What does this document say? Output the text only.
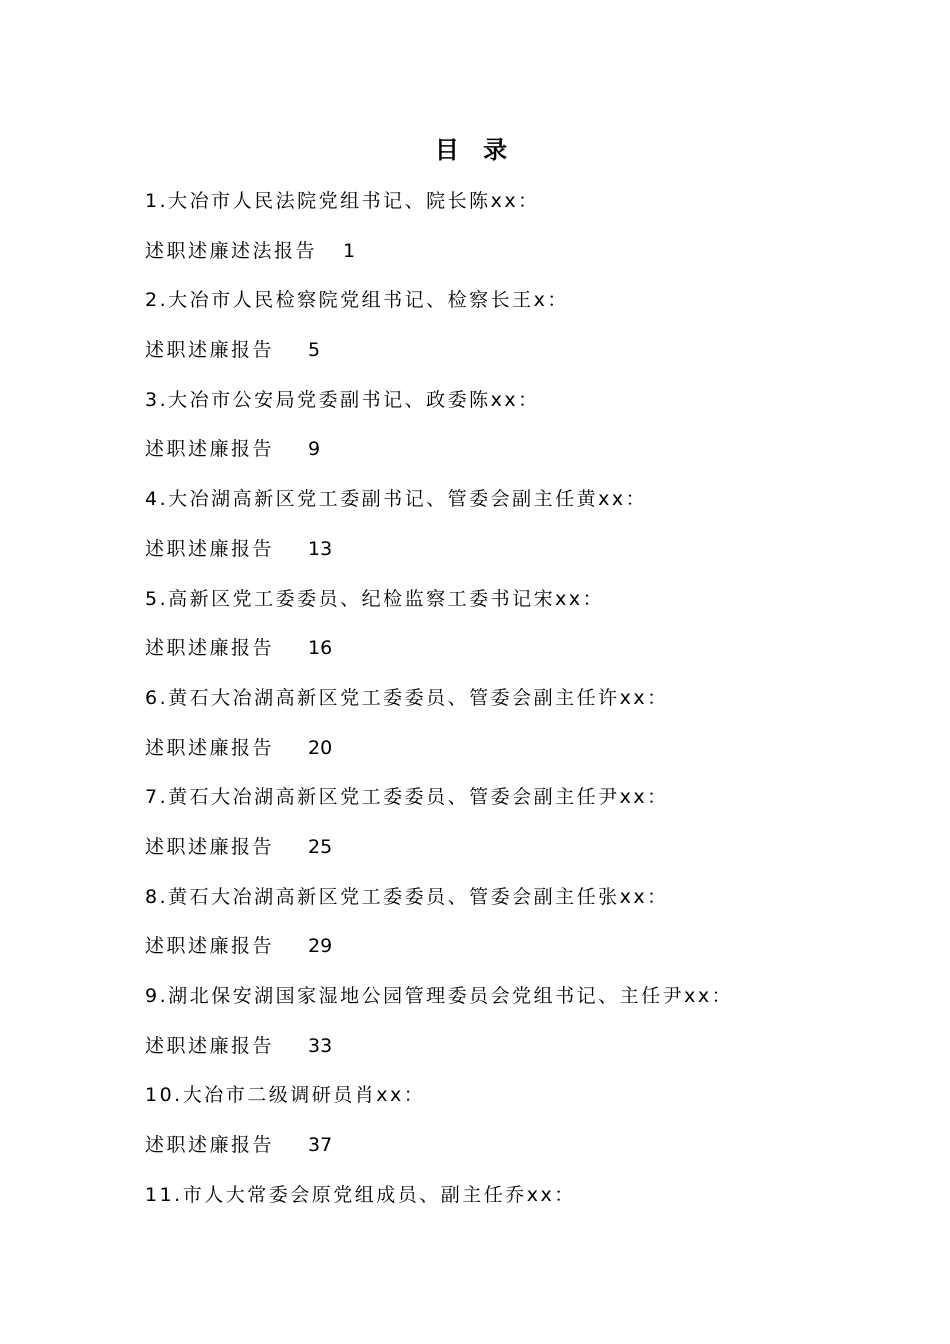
目 录
1.大冶市人民法院党组书记、院长陈xx：
述职述廉述法报告 1
2.大冶市人民检察院党组书记、检察长王x：
述职述廉报告 5
3.大冶市公安局党委副书记、政委陈xx：
述职述廉报告 9
4.大冶湖高新区党工委副书记、管委会副主任黄xx：
述职述廉报告 13
5.高新区党工委委员、纪检监察工委书记宋xx：
述职述廉报告 16
6.黄石大冶湖高新区党工委委员、管委会副主任许xx：
述职述廉报告 20
7.黄石大冶湖高新区党工委委员、管委会副主任尹xx：
述职述廉报告 25
8.黄石大冶湖高新区党工委委员、管委会副主任张xx：
述职述廉报告 29
9.湖北保安湖国家湿地公园管理委员会党组书记、主任尹xx：
述职述廉报告 33
10.大冶市二级调研员肖xx：
述职述廉报告 37
11.市人大常委会原党组成员、副主任乔xx：
